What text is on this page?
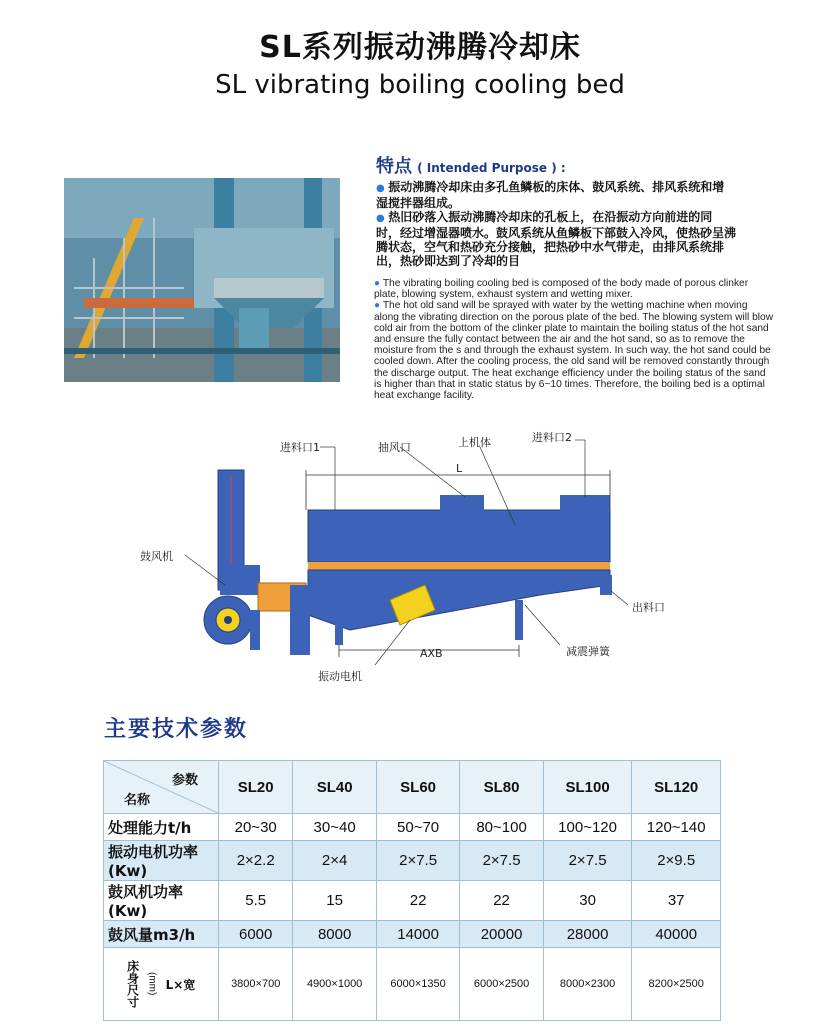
SL系列振动沸腾冷却床
SL vibrating boiling cooling bed
特点 ( Intended Purpose ) :
● 振动沸腾冷却床由多孔鱼鳞板的床体、鼓风系统、排风系统和增湿搅拌器组成。
● 热旧砂落入振动沸腾冷却床的孔板上，在沿振动方向前进的同时，经过增湿器喷水。鼓风系统从鱼鳞板下部鼓入冷风，使热砂呈沸腾状态，空气和热砂充分接触，把热砂中水气带走，由排风系统排出，热砂即达到了冷却的目
● The vibrating boiling cooling bed is composed of the body made of porous clinker plate, blowing system, exhaust system and wetting mixer.
● The hot old sand will be sprayed with water by the wetting machine when moving along the vibrating direction on the porous plate of the bed. The blowing system will blow cold air from the bottom of the clinker plate to maintain the boiling status of the hot sand and ensure the fully contact between the air and the hot sand, so as to remove the moisture from the s and through the exhaust system. In such way, the hot sand could be cooled down. After the cooling process, the old sand will be removed constantly through the discharge output. The heat exchange efficiency under the boiling status of the sand is higher than that in static status by 6~10 times. Therefore, the boiling bed is a optimal heat exchange facility.
进料口1	抽风口	上机体	进料口2
L
鼓风机
出料口
AXB	减震弹簧
振动电机
主要技术参数
参数
名称	SL20	SL40	SL60	SL80	SL100	SL120
处理能力t/h	20~30	30~40	50~70	80~100	100~120	120~140
振动电机功率(Kw)	2×2.2	2×4	2×7.5	2×7.5	2×7.5	2×9.5
鼓风机功率(Kw)	5.5	15	22	22	30	37
鼓风量m3/h	6000	8000	14000	20000	28000	40000

床身尺寸 (mm) L×宽	3800×700	4900×1000	6000×1350	6000×2500	8000×2300	8200×2500
